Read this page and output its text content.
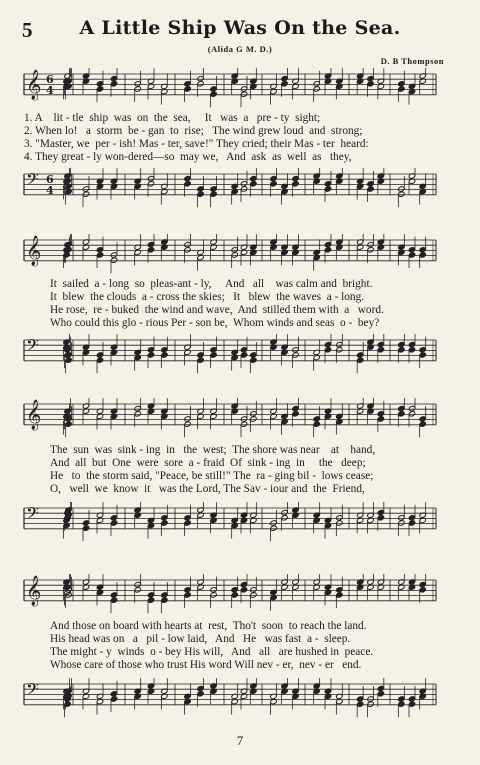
5	A Little Ship Was On the Sea.
(Alida G M. D.)
D. B Thompson
𝄞 6
4
1. A    lit - tle  ship  was  on  the  sea,     It   was  a   pre - ty  sight;
2. When lo!   a  storm  be - gan  to  rise;   The wind grew loud  and  strong;
3. "Master, we  per - ish! Mas - ter, save!" They cried; their Mas - ter  heard:
4. They great - ly won-dered—so  may we,   And  ask  as  well  as   they,
𝄢 6
4
𝄞
It  sailed  a - long  so  pleas-ant - ly,     And   all    was calm and  bright.
It  blew  the clouds  a - cross the skies;   It   blew  the waves  a - long.
He rose,  re - buked  the wind and wave,  And  stilled them with  a   word.
Who could this glo - rious Per - son be,  Whom winds and seas  o -  bey?
𝄢
𝄞
The  sun  was  sink - ing  in   the  west;  The shore was near    at    hand,
And  all  but  One  were  sore  a - fraid  Of  sink - ing  in     the   deep;
He   to  the storm said, "Peace, be still!" The  ra - ging bil -  lows cease;
O,   well  we  know  it   was the Lord, The Sav - iour and  the  Friend,
𝄢
𝄞
And those on board with hearts at  rest,  Tho't  soon  to reach the land.
His head was on   a   pil - low laid,   And   He   was fast  a -  sleep.
The might - y  winds  o - bey His will,   And   all   are hushed in  peace.
Whose care of those who trust His word Will nev - er,  nev - er   end.
𝄢
7
